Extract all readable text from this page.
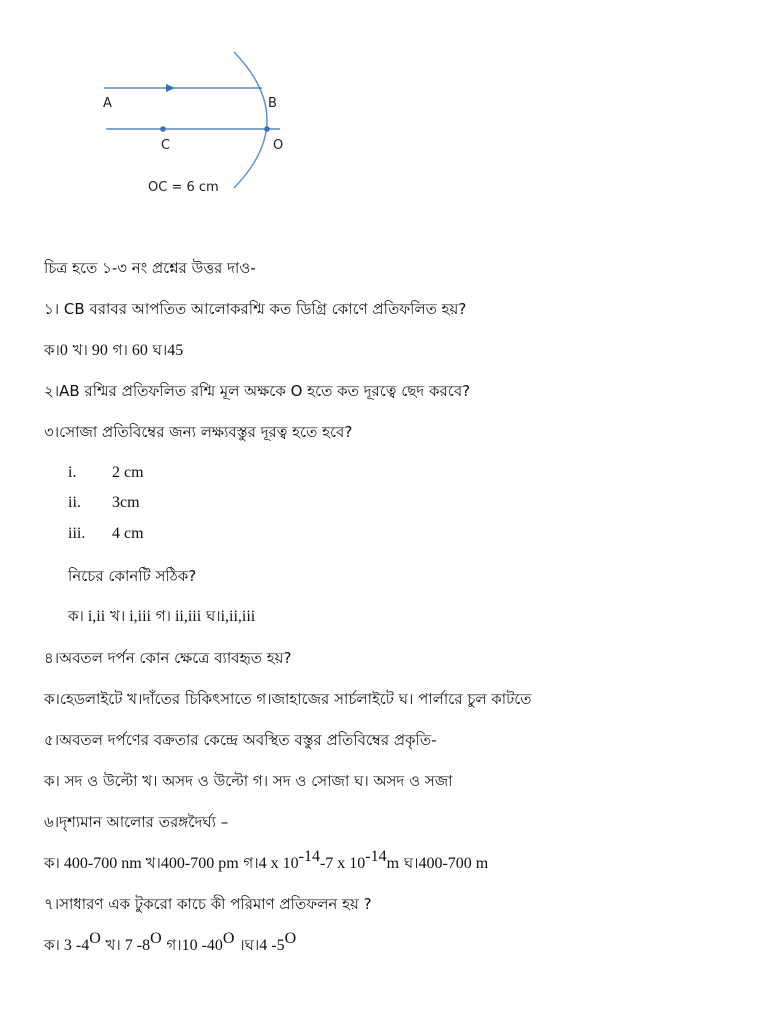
A	B
C	O
OC = 6 cm
চিত্র হতে ১-৩ নং প্রশ্নের উত্তর দাও-
১। CB বরাবর আপতিত আলোকরশ্মি কত ডিগ্রি কোণে প্রতিফলিত হয়?
ক।0 খ। 90 গ। 60 ঘ।45
২।AB রশ্মির প্রতিফলিত রশ্মি মূল অক্ষকে O হতে কত দূরত্বে ছেদ করবে?
৩।সোজা প্রতিবিম্বের জন্য লক্ষ্যবস্তুর দূরত্ব হতে হবে?
i. 2 cm
ii. 3cm
iii. 4 cm
নিচের কোনটি সঠিক?
ক। i,ii খ। i,iii গ। ii,iii ঘ।i,ii,iii
৪।অবতল দর্পন কোন ক্ষেত্রে ব্যাবহৃত হয়?
ক।হেডলাইটে খ।দাঁতের চিকিৎসাতে গ।জাহাজের সার্চলাইটে ঘ। পার্লারে চুল কাটতে
৫।অবতল দর্পণের বক্রতার কেন্দ্রে অবস্থিত বস্তুর প্রতিবিম্বের প্রকৃতি-
ক। সদ ও উল্টো খ। অসদ ও উল্টো গ। সদ ও সোজা ঘ। অসদ ও সজা
৬।দৃশ্যমান আলোর তরঙ্গদৈর্ঘ্য –
ক। 400-700 nm খ।400-700 pm গ।4 x $10^{-14}-7$ x $10^{-14}m$ ঘ।400-700 m
৭।সাধারণ এক টুকরো কাচে কী পরিমাণ প্রতিফলন হয় ?
ক। 3 $-4^O$ খ। 7 $-8^O$ গ।10 $-40^O$ ।ঘ।4 $-5^O$
